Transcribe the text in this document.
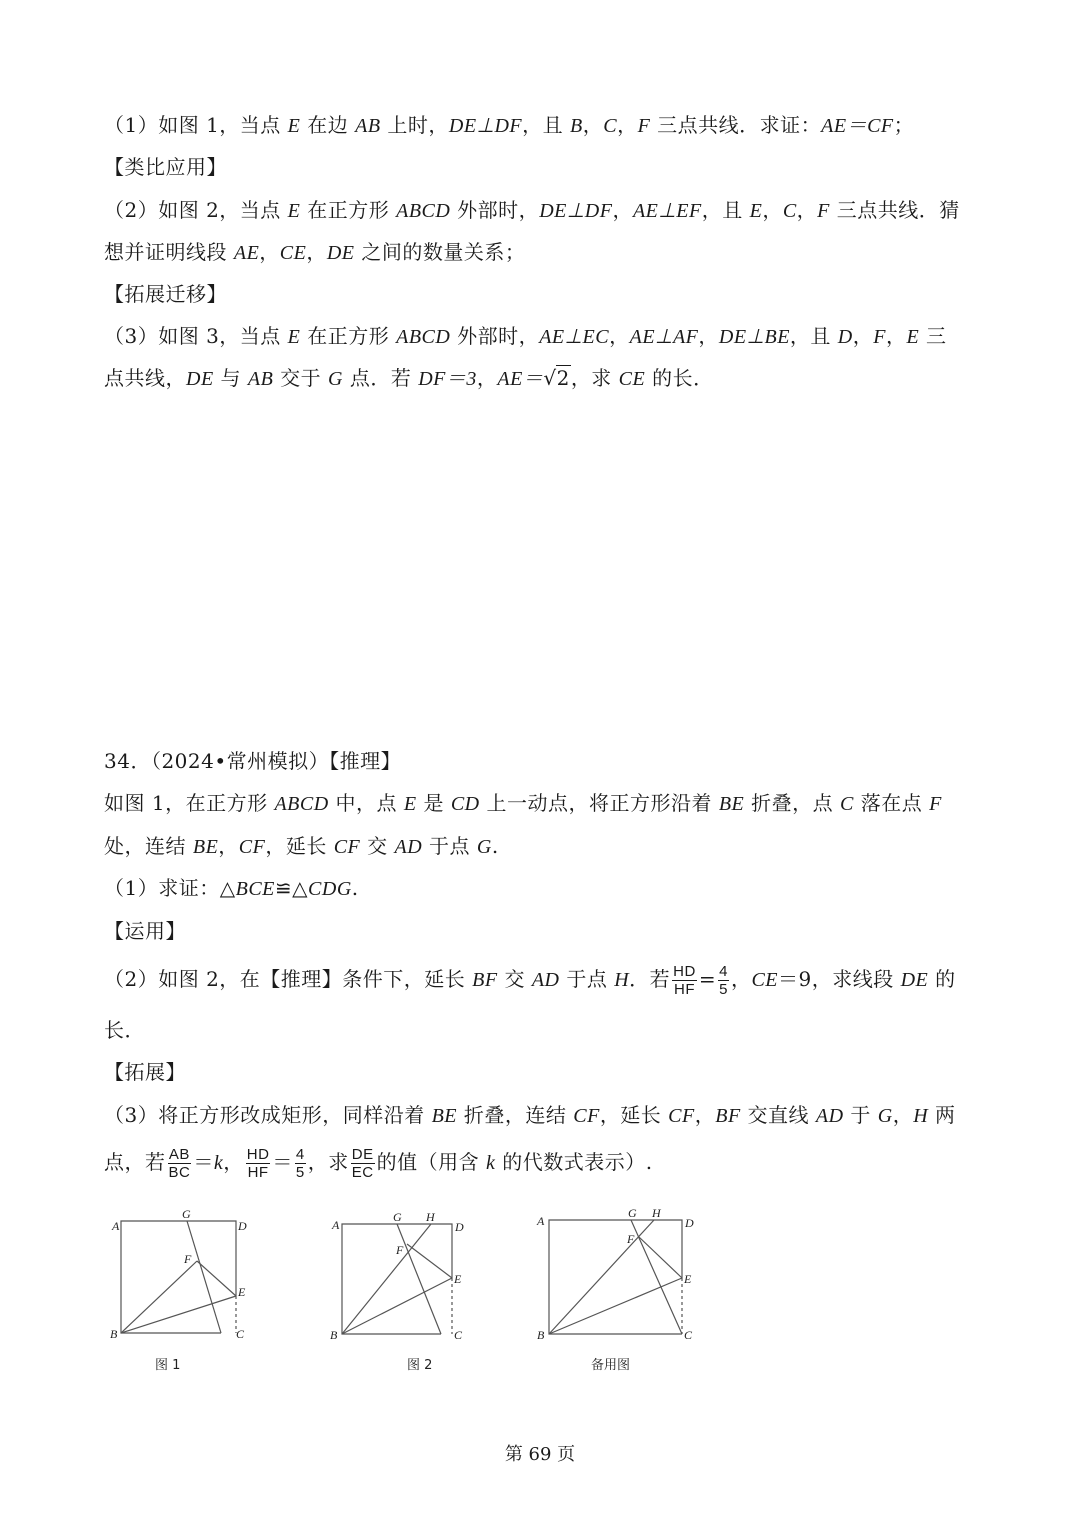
（1）如图 1，当点 E 在边 AB 上时，DE⊥DF，且 B，C，F 三点共线．求证：AE＝CF；
【类比应用】
（2）如图 2，当点 E 在正方形 ABCD 外部时，DE⊥DF，AE⊥EF，且 E，C，F 三点共线．猜
想并证明线段 AE，CE，DE 之间的数量关系；
【拓展迁移】
（3）如图 3，当点 E 在正方形 ABCD 外部时，AE⊥EC，AE⊥AF，DE⊥BE，且 D，F，E 三
点共线，DE 与 AB 交于 G 点．若 DF＝3，AE＝√2，求 CE 的长．
34．（2024•常州模拟）【推理】
如图 1，在正方形 ABCD 中，点 E 是 CD 上一动点，将正方形沿着 BE 折叠，点 C 落在点 F
处，连结 BE，CF，延长 CF 交 AD 于点 G.
（1）求证：△BCE≌△CDG.
【运用】
（2）如图 2，在【推理】条件下，延长 BF 交 AD 于点 H．若 $\frac{HD}{HF} = \frac{4}{5}$ ，CE＝9，求线段 DE 的
长．
【拓展】
（3）将正方形改成矩形，同样沿着 BE 折叠，连结 CF，延长 CF，BF 交直线 AD 于 G，H 两
点，若 $\frac{AB}{BC} =k$， $\frac{HD}{HF} = \frac{4}{5}$ ，求 $\frac{DE}{EC}$ 的值（用含 k 的代数式表示）.
A
G
D
F
E
B	C
图 1
A
G H
D
F
E
B	C
图 2
A
G H
D
F
E
B	C
备用图
第 69 页
